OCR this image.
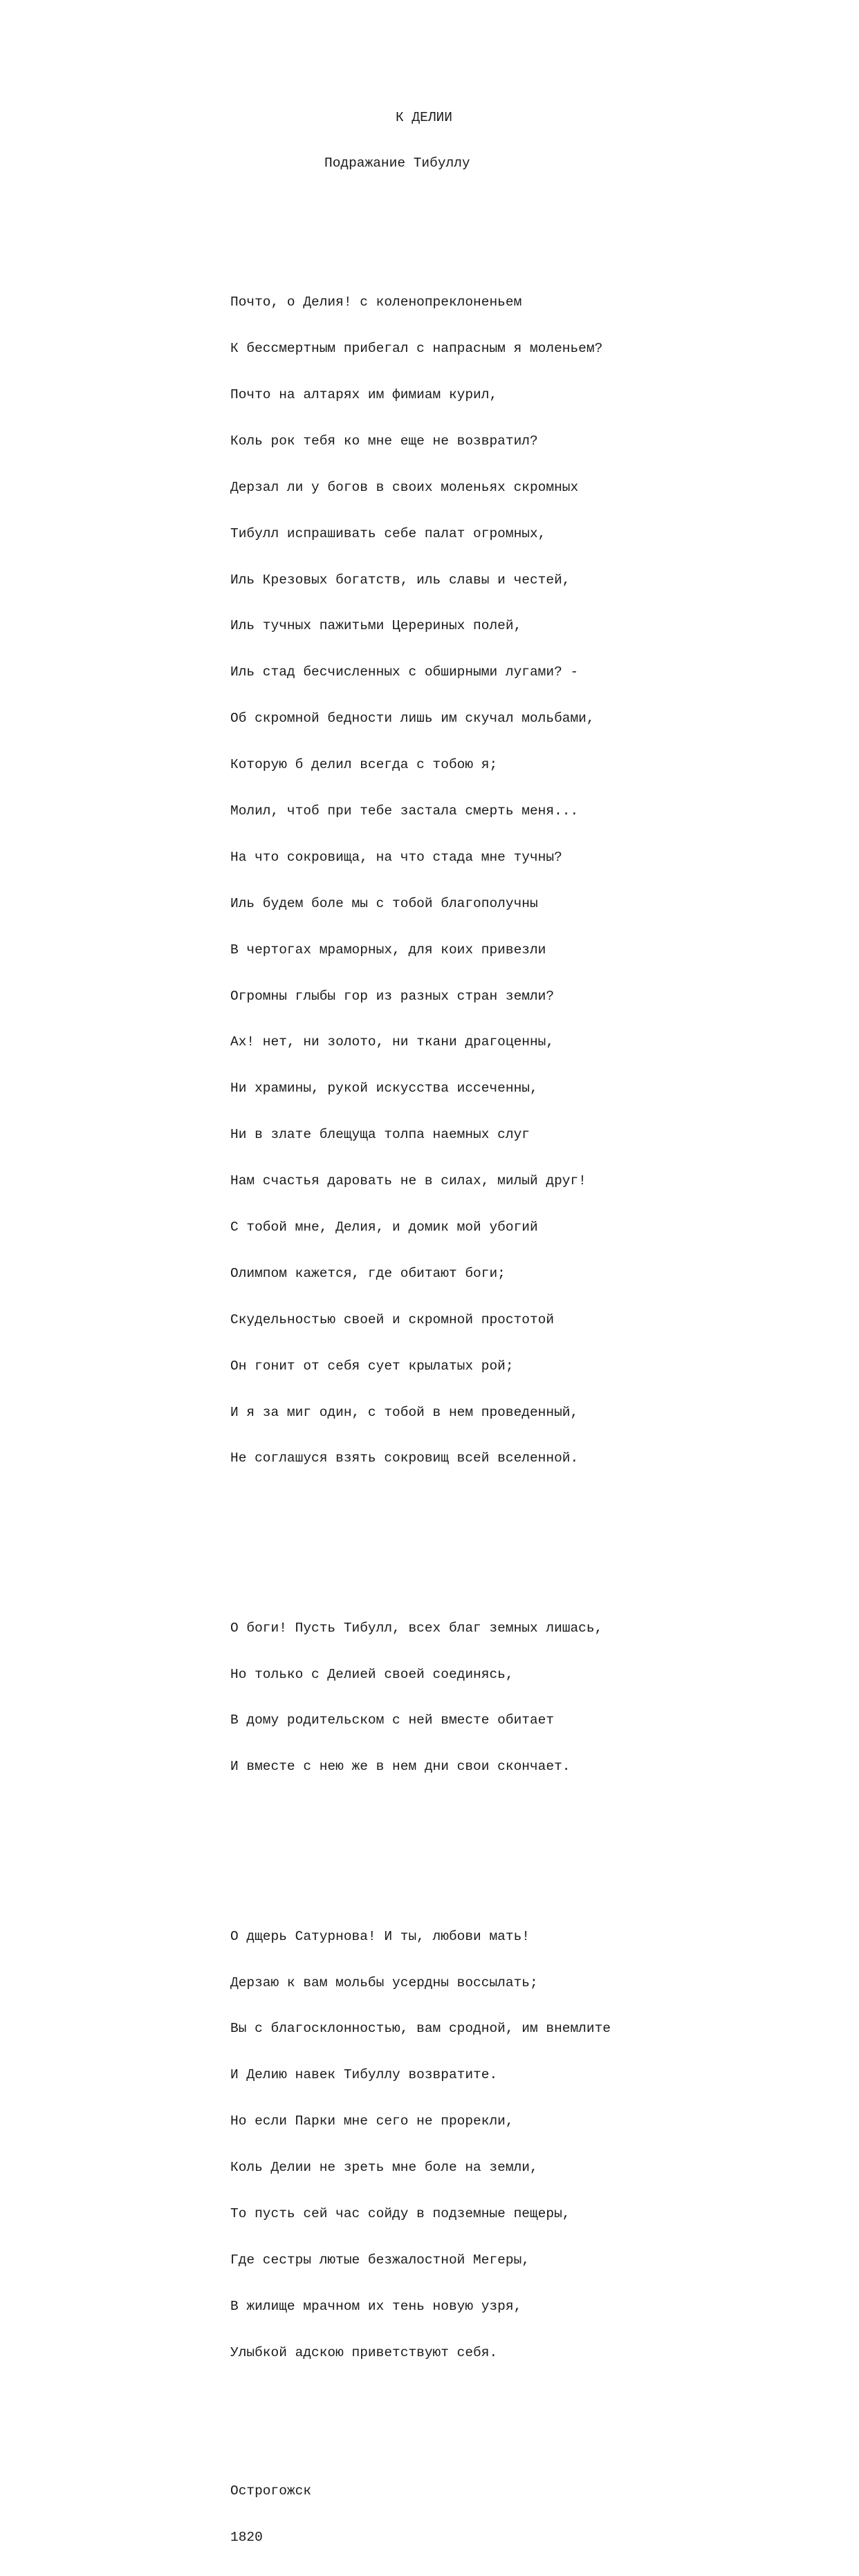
К ДЕЛИИ

Подражание Тибуллу

Почто, о Делия! с коленопреклоненьем

К бессмертным прибегал с напрасным я моленьем?

Почто на алтарях им фимиам курил,

Коль рок тебя ко мне еще не возвратил?

Дерзал ли у богов в своих моленьях скромных

Тибулл испрашивать себе палат огромных,

Иль Крезовых богатств, иль славы и честей,

Иль тучных пажитьми Церериных полей,

Иль стад бесчисленных с обширными лугами? -

Об скромной бедности лишь им скучал мольбами,

Которую б делил всегда с тобою я;

Молил, чтоб при тебе застала смерть меня...

На что сокровища, на что стада мне тучны?

Иль будем боле мы с тобой благополучны

В чертогах мраморных, для коих привезли

Огромны глыбы гор из разных стран земли?

Ах! нет, ни золото, ни ткани драгоценны,

Ни храмины, рукой искусства иссеченны,

Ни в злате блещуща толпа наемных слуг

Нам счастья даровать не в силах, милый друг!

С тобой мне, Делия, и домик мой убогий

Олимпом кажется, где обитают боги;

Скудельностью своей и скромной простотой

Он гонит от себя сует крылатых рой;

И я за миг один, с тобой в нем проведенный,

Не соглашуся взять сокровищ всей вселенной.

О боги! Пусть Тибулл, всех благ земных лишась,

Но только с Делией своей соединясь,

В дому родительском с ней вместе обитает

И вместе с нею же в нем дни свои скончает.

О дщерь Сатурнова! И ты, любови мать!

Дерзаю к вам мольбы усердны воссылать;

Вы с благосклонностью, вам сродной, им внемлите

И Делию навек Тибуллу возвратите.

Но если Парки мне сего не прорекли,

Коль Делии не зреть мне боле на земли,

То пусть сей час сойду в подземные пещеры,

Где сестры лютые безжалостной Мегеры,

В жилище мрачном их тень новую узря,

Улыбкой адскою приветствуют себя.

Острогожск

1820
